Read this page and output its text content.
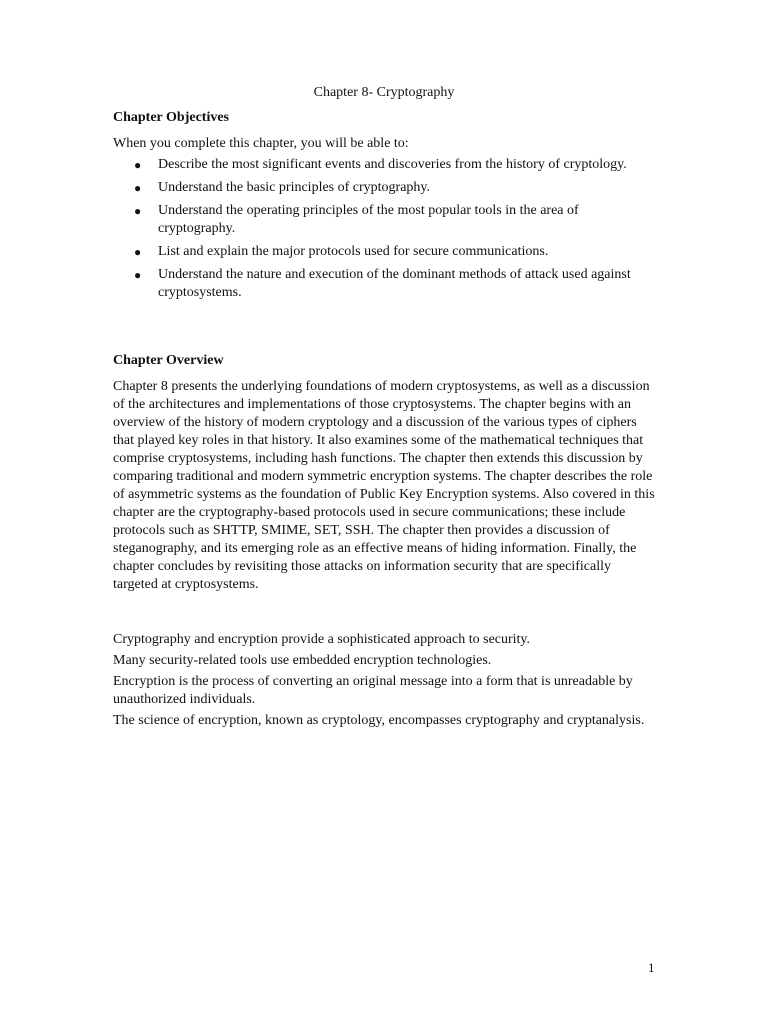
Chapter 8- Cryptography
Chapter Objectives
When you complete this chapter, you will be able to:
● Describe the most significant events and discoveries from the history of cryptology.
● Understand the basic principles of cryptography.
● Understand the operating principles of the most popular tools in the area of cryptography.
● List and explain the major protocols used for secure communications.
● Understand the nature and execution of the dominant methods of attack used against cryptosystems.
Chapter Overview

Chapter 8 presents the underlying foundations of modern cryptosystems, as well as a discussion of the architectures and implementations of those cryptosystems. The chapter begins with an overview of the history of modern cryptology and a discussion of the various types of ciphers that played key roles in that history. It also examines some of the mathematical techniques that comprise cryptosystems, including hash functions. The chapter then extends this discussion by comparing traditional and modern symmetric encryption systems. The chapter describes the role of asymmetric systems as the foundation of Public Key Encryption systems. Also covered in this chapter are the cryptography-based protocols used in secure communications; these include protocols such as SHTTP, SMIME, SET, SSH. The chapter then provides a discussion of steganography, and its emerging role as an effective means of hiding information. Finally, the chapter concludes by revisiting those attacks on information security that are specifically targeted at cryptosystems.

Cryptography and encryption provide a sophisticated approach to security.

Many security-related tools use embedded encryption technologies.

Encryption is the process of converting an original message into a form that is unreadable by unauthorized individuals.

The science of encryption, known as cryptology, encompasses cryptography and cryptanalysis.

1
